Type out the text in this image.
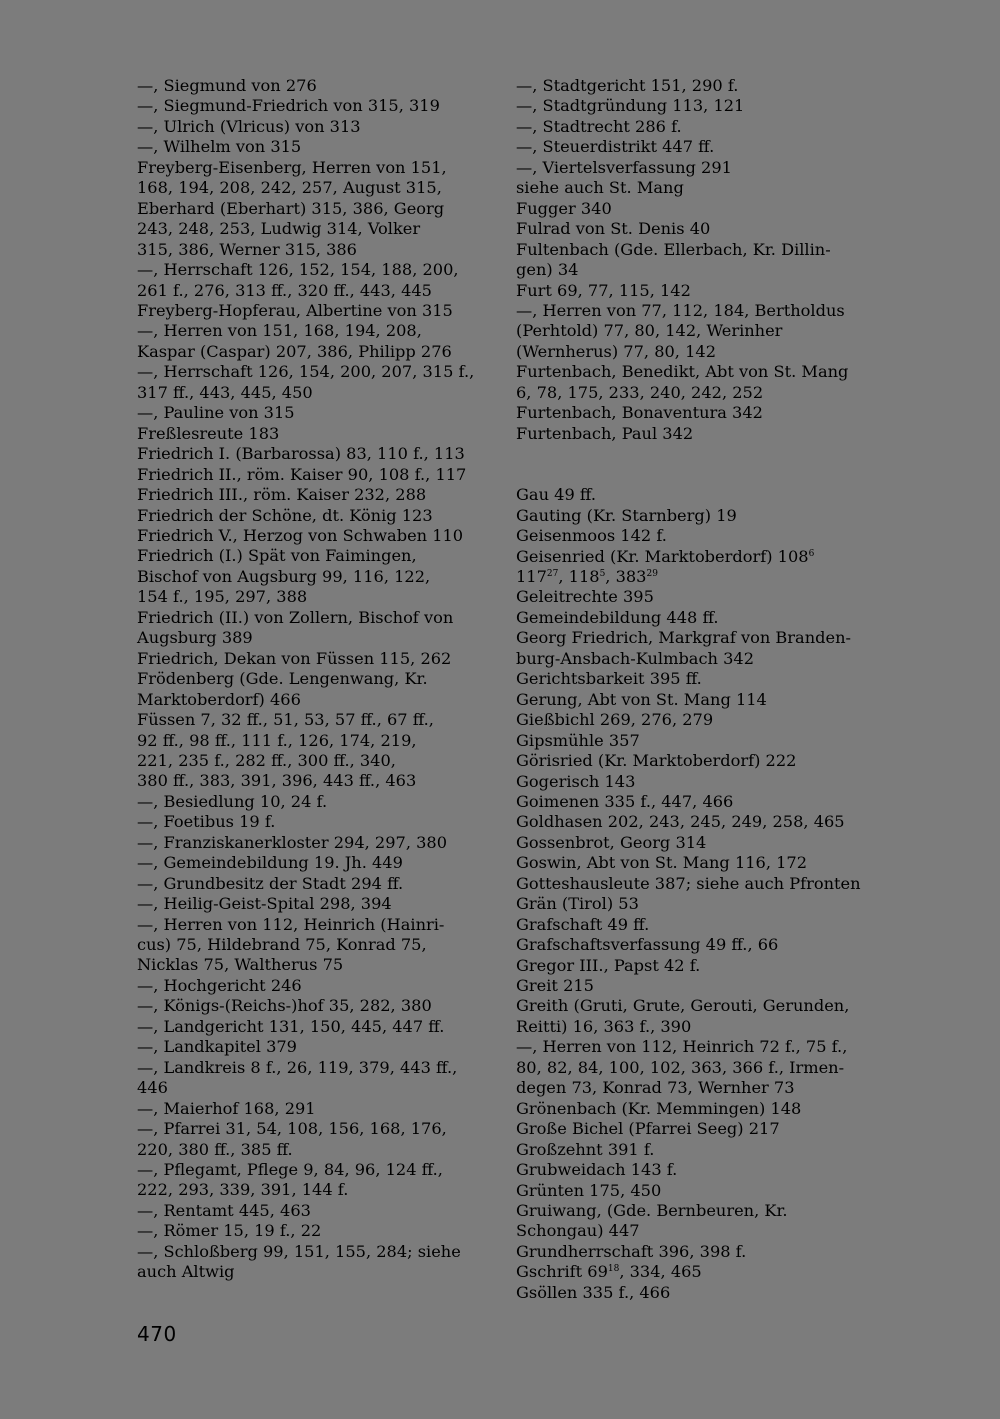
—, Siegmund von 276
—, Siegmund-Friedrich von 315, 319
—, Ulrich (Vlricus) von 313
—, Wilhelm von 315
Freyberg-Eisenberg, Herren von 151,
168, 194, 208, 242, 257, August 315,
Eberhard (Eberhart) 315, 386, Georg
243, 248, 253, Ludwig 314, Volker
315, 386, Werner 315, 386
—, Herrschaft 126, 152, 154, 188, 200,
261 f., 276, 313 ff., 320 ff., 443, 445
Freyberg-Hopferau, Albertine von 315
—, Herren von 151, 168, 194, 208,
Kaspar (Caspar) 207, 386, Philipp 276
—, Herrschaft 126, 154, 200, 207, 315 f.,
317 ff., 443, 445, 450
—, Pauline von 315
Freßlesreute 183
Friedrich I. (Barbarossa) 83, 110 f., 113
Friedrich II., röm. Kaiser 90, 108 f., 117
Friedrich III., röm. Kaiser 232, 288
Friedrich der Schöne, dt. König 123
Friedrich V., Herzog von Schwaben 110
Friedrich (I.) Spät von Faimingen,
Bischof von Augsburg 99, 116, 122,
154 f., 195, 297, 388
Friedrich (II.) von Zollern, Bischof von
Augsburg 389
Friedrich, Dekan von Füssen 115, 262
Frödenberg (Gde. Lengenwang, Kr.
Marktoberdorf) 466
Füssen 7, 32 ff., 51, 53, 57 ff., 67 ff.,
92 ff., 98 ff., 111 f., 126, 174, 219,
221, 235 f., 282 ff., 300 ff., 340,
380 ff., 383, 391, 396, 443 ff., 463
—, Besiedlung 10, 24 f.
—, Foetibus 19 f.
—, Franziskanerkloster 294, 297, 380
—, Gemeindebildung 19. Jh. 449
—, Grundbesitz der Stadt 294 ff.
—, Heilig-Geist-Spital 298, 394
—, Herren von 112, Heinrich (Hainri-
cus) 75, Hildebrand 75, Konrad 75,
Nicklas 75, Waltherus 75
—, Hochgericht 246
—, Königs-(Reichs-)hof 35, 282, 380
—, Landgericht 131, 150, 445, 447 ff.
—, Landkapitel 379
—, Landkreis 8 f., 26, 119, 379, 443 ff.,
446
—, Maierhof 168, 291
—, Pfarrei 31, 54, 108, 156, 168, 176,
220, 380 ff., 385 ff.
—, Pflegamt, Pflege 9, 84, 96, 124 ff.,
222, 293, 339, 391, 144 f.
—, Rentamt 445, 463
—, Römer 15, 19 f., 22
—, Schloßberg 99, 151, 155, 284; siehe
auch Altwig
—, Stadtgericht 151, 290 f.
—, Stadtgründung 113, 121
—, Stadtrecht 286 f.
—, Steuerdistrikt 447 ff.
—, Viertelsverfassung 291
siehe auch St. Mang
Fugger 340
Fulrad von St. Denis 40
Fultenbach (Gde. Ellerbach, Kr. Dillin-
gen) 34
Furt 69, 77, 115, 142
—, Herren von 77, 112, 184, Bertholdus
(Perhtold) 77, 80, 142, Werinher
(Wernherus) 77, 80, 142
Furtenbach, Benedikt, Abt von St. Mang
6, 78, 175, 233, 240, 242, 252
Furtenbach, Bonaventura 342
Furtenbach, Paul 342
Gau 49 ff.
Gauting (Kr. Starnberg) 19
Geisenmoos 142 f.
Geisenried (Kr. Marktoberdorf) $108^6$
$117^{27}$, $118^5$, $383^{29}$
Geleitrechte 395
Gemeindebildung 448 ff.
Georg Friedrich, Markgraf von Branden-
burg-Ansbach-Kulmbach 342
Gerichtsbarkeit 395 ff.
Gerung, Abt von St. Mang 114
Gießbichl 269, 276, 279
Gipsmühle 357
Görisried (Kr. Marktoberdorf) 222
Gogerisch 143
Goimenen 335 f., 447, 466
Goldhasen 202, 243, 245, 249, 258, 465
Gossenbrot, Georg 314
Goswin, Abt von St. Mang 116, 172
Gotteshausleute 387; siehe auch Pfronten
Grän (Tirol) 53
Grafschaft 49 ff.
Grafschaftsverfassung 49 ff., 66
Gregor III., Papst 42 f.
Greit 215
Greith (Gruti, Grute, Gerouti, Gerunden,
Reitti) 16, 363 f., 390
—, Herren von 112, Heinrich 72 f., 75 f.,
80, 82, 84, 100, 102, 363, 366 f., Irmen-
degen 73, Konrad 73, Wernher 73
Grönenbach (Kr. Memmingen) 148
Große Bichel (Pfarrei Seeg) 217
Großzehnt 391 f.
Grubweidach 143 f.
Grünten 175, 450
Gruiwang, (Gde. Bernbeuren, Kr.
Schongau) 447
Grundherrschaft 396, 398 f.
Gschrift $69^{18}$, 334, 465
Gsöllen 335 f., 466
470
